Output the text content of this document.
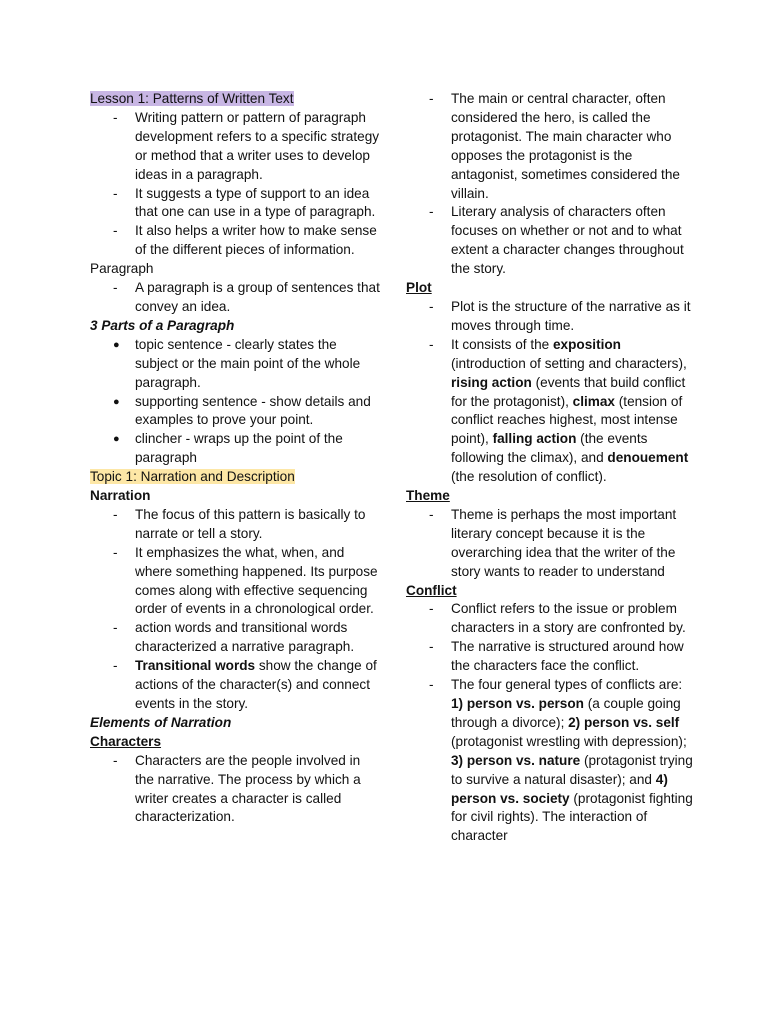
Lesson 1: Patterns of Written Text

-	Writing pattern or pattern of paragraph development refers to a specific strategy or method that a writer uses to develop ideas in a paragraph.
-	It suggests a type of support to an idea that one can use in a type of paragraph.
-	It also helps a writer how to make sense of the different pieces of information.

Paragraph

-	A paragraph is a group of sentences that convey an idea.

3 Parts of a Paragraph

●	topic sentence - clearly states the subject or the main point of the whole paragraph.
●	supporting sentence - show details and examples to prove your point.
●	clincher - wraps up the point of the paragraph

Topic 1: Narration and Description

Narration

-	The focus of this pattern is basically to narrate or tell a story.
-	It emphasizes the what, when, and where something happened. Its purpose comes along with effective sequencing order of events in a chronological order.
-	action words and transitional words characterized a narrative paragraph.
-	Transitional words show the change of actions of the character(s) and connect events in the story.

Elements of Narration

Characters

-	Characters are the people involved in the narrative. The process by which a writer creates a character is called characterization.
-	The main or central character, often considered the hero, is called the protagonist. The main character who opposes the protagonist is the antagonist, sometimes considered the villain.
-	Literary analysis of characters often focuses on whether or not and to what extent a character changes throughout the story.

Plot

-	Plot is the structure of the narrative as it moves through time.
-	It consists of the exposition (introduction of setting and characters), rising action (events that build conflict for the protagonist), climax (tension of conflict reaches highest, most intense point), falling action (the events following the climax), and denouement (the resolution of conflict).

Theme

-	Theme is perhaps the most important literary concept because it is the overarching idea that the writer of the story wants to reader to understand

Conflict

-	Conflict refers to the issue or problem characters in a story are confronted by.
-	The narrative is structured around how the characters face the conflict.
-	The four general types of conflicts are: 1) person vs. person (a couple going through a divorce); 2) person vs. self (protagonist wrestling with depression); 3) person vs. nature (protagonist trying to survive a natural disaster); and 4) person vs. society (protagonist fighting for civil rights). The interaction of character
